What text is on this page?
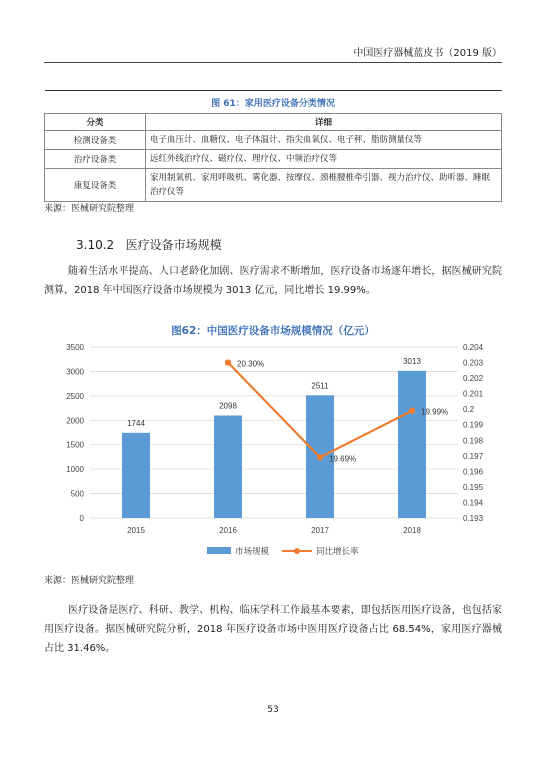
中国医疗器械蓝皮书（2019 版）
图 61：家用医疗设备分类情况	
分类	详细
检测设备类	电子血压计、血糖仪、电子体温计、指尖血氧仪、电子秤、脂肪测量仪等
治疗设备类	远红外线治疗仪、磁疗仪、理疗仪、中频治疗仪等
康复设备类	家用制氧机、家用呼吸机、雾化器、按摩仪、颈椎腰椎牵引器、视力治疗仪、助听器、睡眠治疗仪等
来源：医械研究院整理
3.10.2 医疗设备市场规模
随着生活水平提高、人口老龄化加剧、医疗需求不断增加，医疗设备市场逐年增长，据医械研究院测算，2018 年中国医疗设备市场规模为 3013 亿元，同比增长 19.99%。
图62：中国医疗设备市场规模情况（亿元）
0
500
1000
1500
2000
2500
3000
3500
0.193
0.194
0.195
0.196
0.197
0.198
0.199
0.2
0.201
0.202
0.203
0.204
1744
2098
2511
3013
2015	2016	2017	2018
20.30%
19.69%
19.99%
市场规模	同比增长率
来源：医械研究院整理
医疗设备是医疗、科研、教学、机构、临床学科工作最基本要素，即包括医用医疗设备，也包括家用医疗设备。据医械研究院分析，2018 年医疗设备市场中医用医疗设备占比 68.54%，家用医疗器械占比 31.46%。
53
